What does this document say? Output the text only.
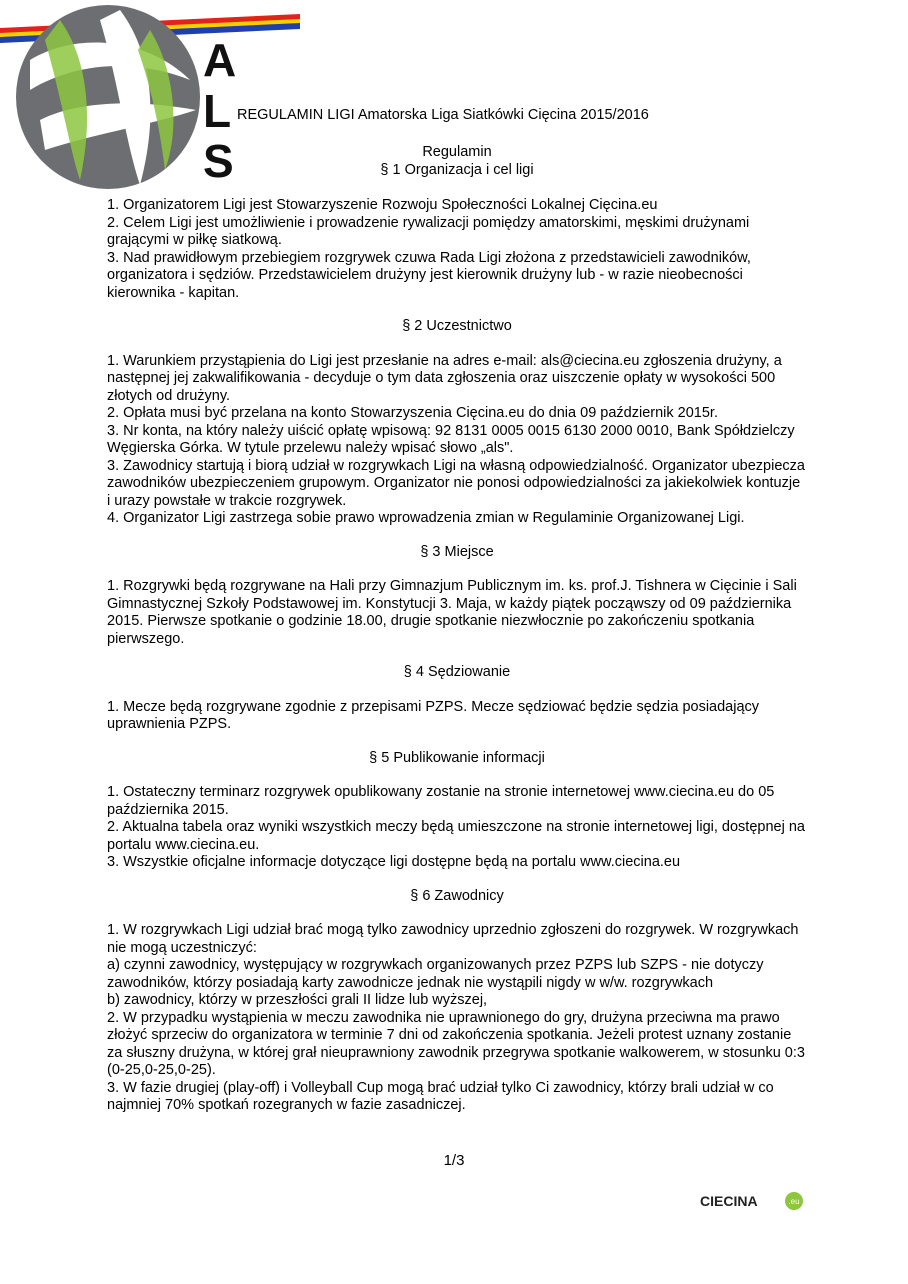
A
L
S
REGULAMIN LIGI Amatorska Liga Siatkówki Cięcina 2015/2016

Regulamin

§ 1 Organizacja i cel ligi

1. Organizatorem Ligi jest Stowarzyszenie Rozwoju Społeczności Lokalnej Cięcina.eu

2. Celem Ligi jest umożliwienie i prowadzenie rywalizacji pomiędzy amatorskimi, męskimi drużynami grającymi w piłkę siatkową.

3. Nad prawidłowym przebiegiem rozgrywek czuwa Rada Ligi złożona z przedstawicieli zawodników, organizatora i sędziów. Przedstawicielem drużyny jest kierownik drużyny lub - w razie nieobecności kierownika - kapitan.

§ 2 Uczestnictwo

1. Warunkiem przystąpienia do Ligi jest przesłanie na adres e-mail: als@ciecina.eu zgłoszenia drużyny, a następnej jej zakwalifikowania - decyduje o tym data zgłoszenia oraz uiszczenie opłaty w wysokości 500 złotych od drużyny.

2. Opłata musi być przelana na konto Stowarzyszenia Cięcina.eu do dnia 09 październik 2015r.

3. Nr konta, na który należy uiścić opłatę wpisową: 92 8131 0005 0015 6130 2000 0010, Bank Spółdzielczy Węgierska Górka. W tytule przelewu należy wpisać słowo „als".

3. Zawodnicy startują i biorą udział w rozgrywkach Ligi na własną odpowiedzialność. Organizator ubezpiecza zawodników ubezpieczeniem grupowym. Organizator nie ponosi odpowiedzialności za jakiekolwiek kontuzje i urazy powstałe w trakcie rozgrywek.

4. Organizator Ligi zastrzega sobie prawo wprowadzenia zmian w Regulaminie Organizowanej Ligi.

§ 3 Miejsce

1. Rozgrywki będą rozgrywane na Hali przy Gimnazjum Publicznym im. ks. prof.J. Tishnera w Cięcinie i Sali Gimnastycznej Szkoły Podstawowej im. Konstytucji 3. Maja, w każdy piątek począwszy od 09 października 2015. Pierwsze spotkanie o godzinie 18.00, drugie spotkanie niezwłocznie po zakończeniu spotkania pierwszego.

§ 4 Sędziowanie

1. Mecze będą rozgrywane zgodnie z przepisami PZPS. Mecze sędziować będzie sędzia posiadający uprawnienia PZPS.

§ 5 Publikowanie informacji

1. Ostateczny terminarz rozgrywek opublikowany zostanie na stronie internetowej www.ciecina.eu do 05 października 2015.

2. Aktualna tabela oraz wyniki wszystkich meczy będą umieszczone na stronie internetowej ligi, dostępnej na portalu www.ciecina.eu.

3. Wszystkie oficjalne informacje dotyczące ligi dostępne będą na portalu www.ciecina.eu

§ 6 Zawodnicy

1. W rozgrywkach Ligi udział brać mogą tylko zawodnicy uprzednio zgłoszeni do rozgrywek. W rozgrywkach nie mogą uczestniczyć:

a) czynni zawodnicy, występujący w rozgrywkach organizowanych przez PZPS lub SZPS - nie dotyczy zawodników, którzy posiadają karty zawodnicze jednak nie wystąpili nigdy w w/w. rozgrywkach

b) zawodnicy, którzy w przeszłości grali II lidze lub wyższej,

2. W przypadku wystąpienia w meczu zawodnika nie uprawnionego do gry, drużyna przeciwna ma prawo złożyć sprzeciw do organizatora w terminie 7 dni od zakończenia spotkania. Jeżeli protest uznany zostanie za słuszny drużyna, w której grał nieuprawniony zawodnik przegrywa spotkanie walkowerem, w stosunku 0:3 (0-25,0-25,0-25).

3. W fazie drugiej (play-off) i Volleyball Cup mogą brać udział tylko Ci zawodnicy, którzy brali udział w co najmniej 70% spotkań rozegranych w fazie zasadniczej.

1/3
CIECINA	.eu
